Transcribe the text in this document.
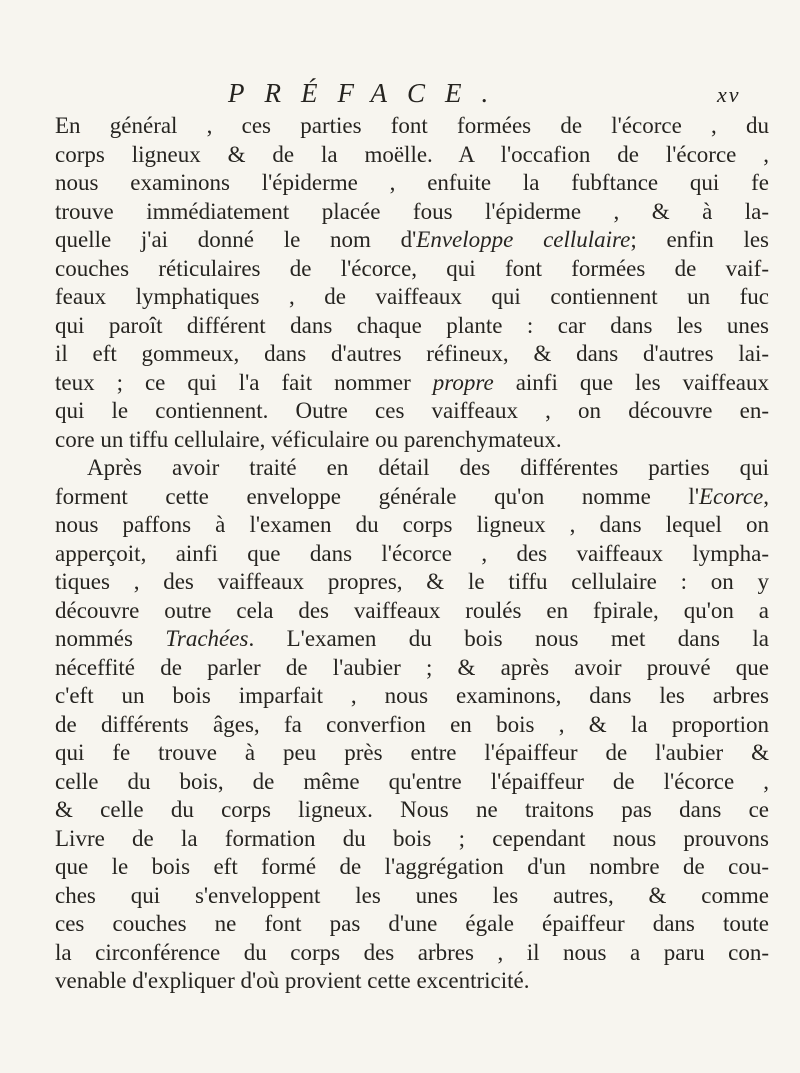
PRÉFACE.	xv
En général , ces parties font formées de l'écorce , du
corps ligneux & de la moëlle. A l'occafion de l'écorce ,
nous examinons l'épiderme , enfuite la fubftance qui fe
trouve immédiatement placée fous l'épiderme , & à la-
quelle j'ai donné le nom d'Enveloppe cellulaire; enfin les
couches réticulaires de l'écorce, qui font formées de vaif-
feaux lymphatiques , de vaiffeaux qui contiennent un fuc
qui paroît différent dans chaque plante : car dans les unes
il eft gommeux, dans d'autres réfineux, & dans d'autres lai-
teux ; ce qui l'a fait nommer propre ainfi que les vaiffeaux
qui le contiennent. Outre ces vaiffeaux , on découvre en-
core un tiffu cellulaire, véficulaire ou parenchymateux.
Après avoir traité en détail des différentes parties qui
forment cette enveloppe générale qu'on nomme l'Ecorce,
nous paffons à l'examen du corps ligneux , dans lequel on
apperçoit, ainfi que dans l'écorce , des vaiffeaux lympha-
tiques , des vaiffeaux propres, & le tiffu cellulaire : on y
découvre outre cela des vaiffeaux roulés en fpirale, qu'on a
nommés Trachées. L'examen du bois nous met dans la
néceffité de parler de l'aubier ; & après avoir prouvé que
c'eft un bois imparfait , nous examinons, dans les arbres
de différents âges, fa converfion en bois , & la proportion
qui fe trouve à peu près entre l'épaiffeur de l'aubier &
celle du bois, de même qu'entre l'épaiffeur de l'écorce ,
& celle du corps ligneux. Nous ne traitons pas dans ce
Livre de la formation du bois ; cependant nous prouvons
que le bois eft formé de l'aggrégation d'un nombre de cou-
ches qui s'enveloppent les unes les autres, & comme
ces couches ne font pas d'une égale épaiffeur dans toute
la circonférence du corps des arbres , il nous a paru con-
venable d'expliquer d'où provient cette excentricité.
